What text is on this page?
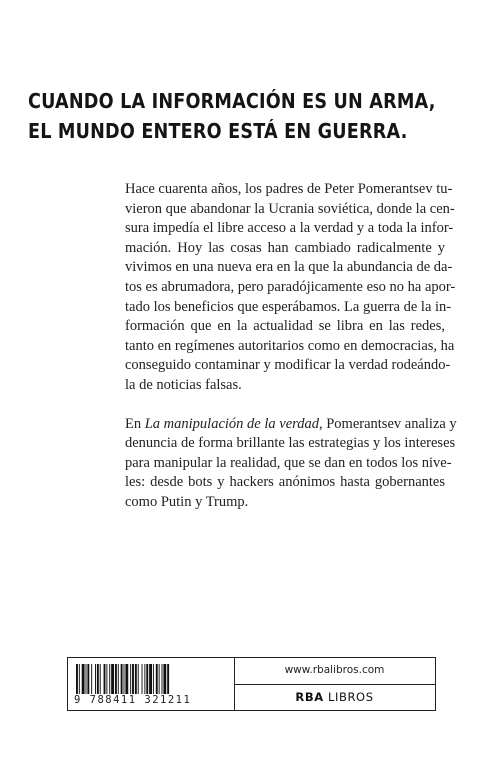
CUANDO LA INFORMACIÓN ES UN ARMA,
EL MUNDO ENTERO ESTÁ EN GUERRA.
Hace cuarenta años, los padres de Peter Pomerantsev tu-
vieron que abandonar la Ucrania soviética, donde la cen-
sura impedía el libre acceso a la verdad y a toda la infor-
mación. Hoy las cosas han cambiado radicalmente y
vivimos en una nueva era en la que la abundancia de da-
tos es abrumadora, pero paradójicamente eso no ha apor-
tado los beneficios que esperábamos. La guerra de la in-
formación que en la actualidad se libra en las redes,
tanto en regímenes autoritarios como en democracias, ha
conseguido contaminar y modificar la verdad rodeándo-
la de noticias falsas.
En La manipulación de la verdad, Pomerantsev analiza y
denuncia de forma brillante las estrategias y los intereses
para manipular la realidad, que se dan en todos los nive-
les: desde bots y hackers anónimos hasta gobernantes
como Putin y Trump.
9 788411 321211
www.rbalibros.com
RBA LIBROS
